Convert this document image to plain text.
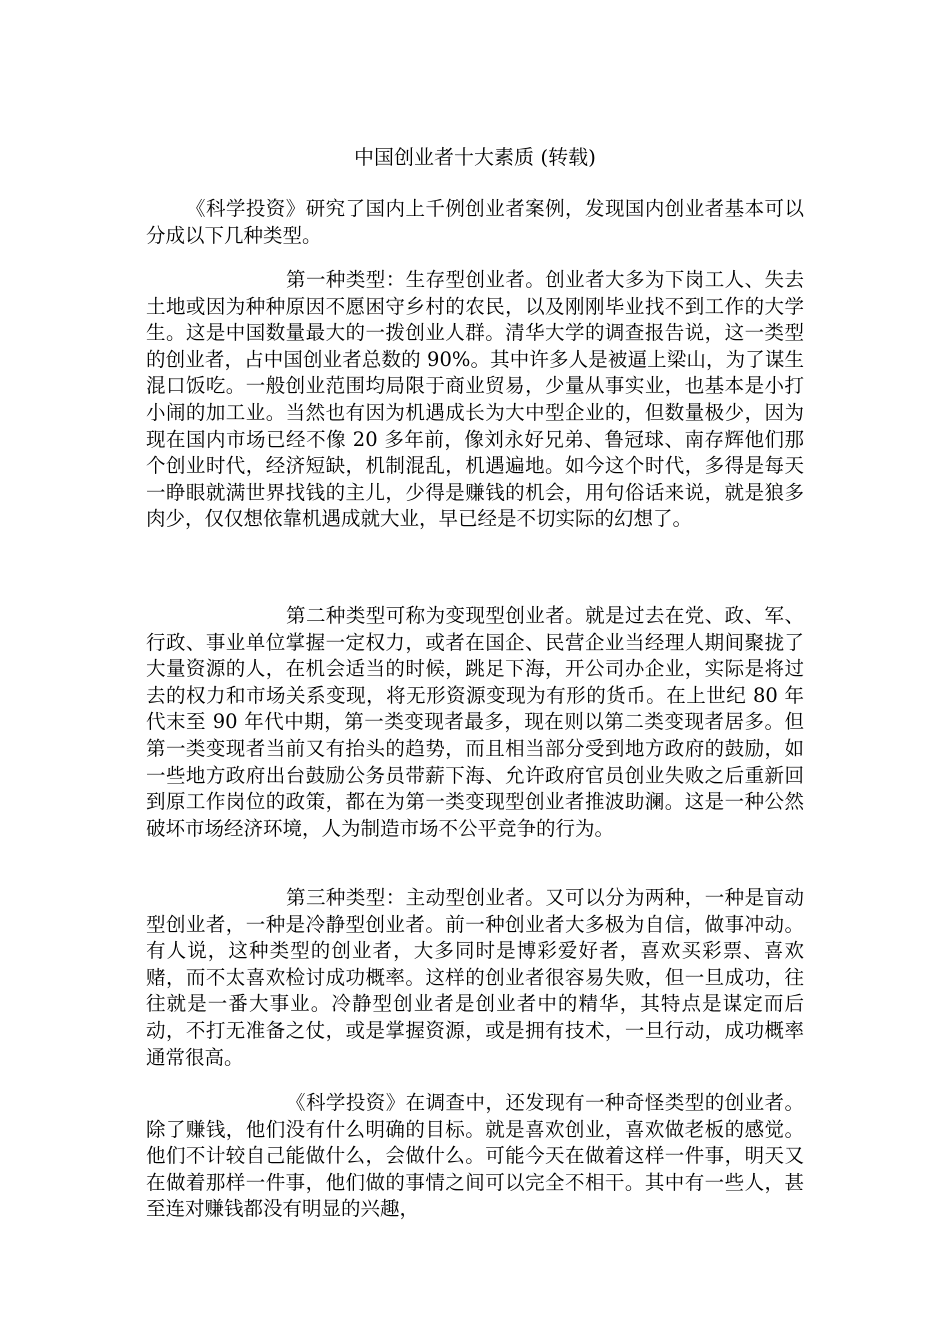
中国创业者十大素质 (转载)

《科学投资》研究了国内上千例创业者案例，发现国内创业者基本可以分成以下几种类型。

第一种类型：生存型创业者。创业者大多为下岗工人、失去土地或因为种种原因不愿困守乡村的农民，以及刚刚毕业找不到工作的大学生。这是中国数量最大的一拨创业人群。清华大学的调查报告说，这一类型的创业者，占中国创业者总数的 90%。其中许多人是被逼上梁山，为了谋生混口饭吃。一般创业范围均局限于商业贸易，少量从事实业，也基本是小打小闹的加工业。当然也有因为机遇成长为大中型企业的，但数量极少，因为现在国内市场已经不像 20 多年前，像刘永好兄弟、鲁冠球、南存辉他们那个创业时代，经济短缺，机制混乱，机遇遍地。如今这个时代，多得是每天一睁眼就满世界找钱的主儿，少得是赚钱的机会，用句俗话来说，就是狼多肉少，仅仅想依靠机遇成就大业，早已经是不切实际的幻想了。

第二种类型可称为变现型创业者。就是过去在党、政、军、行政、事业单位掌握一定权力，或者在国企、民营企业当经理人期间聚拢了大量资源的人，在机会适当的时候，跳足下海，开公司办企业，实际是将过去的权力和市场关系变现，将无形资源变现为有形的货币。在上世纪 80 年代末至 90 年代中期，第一类变现者最多，现在则以第二类变现者居多。但第一类变现者当前又有抬头的趋势，而且相当部分受到地方政府的鼓励，如一些地方政府出台鼓励公务员带薪下海、允许政府官员创业失败之后重新回到原工作岗位的政策，都在为第一类变现型创业者推波助澜。这是一种公然破坏市场经济环境，人为制造市场不公平竞争的行为。

第三种类型：主动型创业者。又可以分为两种，一种是盲动型创业者，一种是冷静型创业者。前一种创业者大多极为自信，做事冲动。有人说，这种类型的创业者，大多同时是博彩爱好者，喜欢买彩票、喜欢赌，而不太喜欢检讨成功概率。这样的创业者很容易失败，但一旦成功，往往就是一番大事业。冷静型创业者是创业者中的精华，其特点是谋定而后动，不打无准备之仗，或是掌握资源，或是拥有技术，一旦行动，成功概率通常很高。

《科学投资》在调查中，还发现有一种奇怪类型的创业者。除了赚钱，他们没有什么明确的目标。就是喜欢创业，喜欢做老板的感觉。他们不计较自己能做什么，会做什么。可能今天在做着这样一件事，明天又在做着那样一件事，他们做的事情之间可以完全不相干。其中有一些人，甚至连对赚钱都没有明显的兴趣，
